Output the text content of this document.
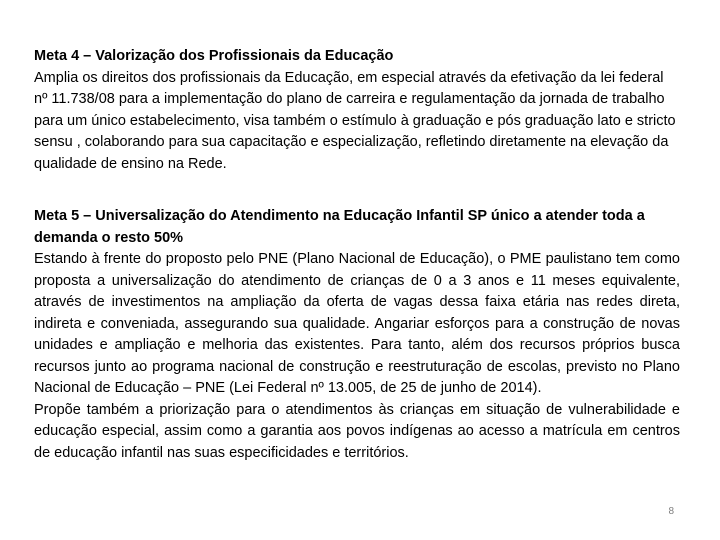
Meta 4 – Valorização dos Profissionais da Educação

Amplia os direitos dos profissionais da Educação, em especial através da efetivação da lei federal nº 11.738/08 para a implementação do plano de carreira e regulamentação da jornada de trabalho para um único estabelecimento, visa também o estímulo à graduação e pós graduação lato e stricto sensu , colaborando para sua capacitação e especialização, refletindo diretamente na elevação da qualidade de ensino na Rede.

Meta 5 – Universalização do Atendimento na Educação Infantil SP único a atender toda a demanda o resto 50%

Estando à frente do proposto pelo PNE (Plano Nacional de Educação), o PME paulistano tem como proposta a universalização do atendimento de crianças de 0 a 3 anos e 11 meses equivalente, através de investimentos na ampliação da oferta de vagas dessa faixa etária nas redes direta, indireta e conveniada, assegurando sua qualidade. Angariar esforços para a construção de novas unidades e ampliação e melhoria das existentes. Para tanto, além dos recursos próprios busca recursos junto ao programa nacional de construção e reestruturação de escolas, previsto no Plano Nacional de Educação – PNE (Lei Federal nº 13.005, de 25 de junho de 2014).

Propõe também a priorização para o atendimentos às crianças em situação de vulnerabilidade e educação especial, assim como a garantia aos povos indígenas ao acesso a matrícula em centros de educação infantil nas suas especificidades e territórios.

8
